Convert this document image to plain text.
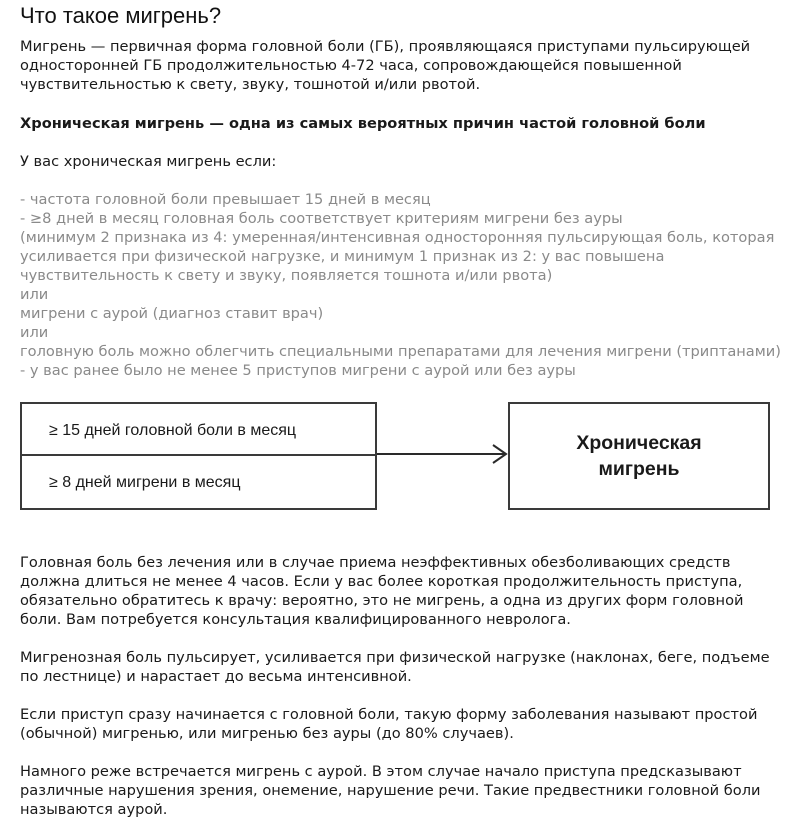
Что такое мигрень?

Мигрень — первичная форма головной боли (ГБ), проявляющаяся приступами пульсирующей
односторонней ГБ продолжительностью 4-72 часа, сопровождающейся повышенной
чувствительностью к свету, звуку, тошнотой и/или рвотой.

Хроническая мигрень — одна из самых вероятных причин частой головной боли

У вас хроническая мигрень если:

- частота головной боли превышает 15 дней в месяц
- ≥8 дней в месяц головная боль соответствует критериям мигрени без ауры
(минимум 2 признака из 4: умеренная/интенсивная односторонняя пульсирующая боль, которая
усиливается при физической нагрузке, и минимум 1 признак из 2: у вас повышена
чувствительность к свету и звуку, появляется тошнота и/или рвота)
или
мигрени с аурой (диагноз ставит врач)
или
головную боль можно облегчить специальными препаратами для лечения мигрени (триптанами)
- у вас ранее было не менее 5 приступов мигрени с аурой или без ауры

≥ 15 дней головной боли в месяц
≥ 8 дней мигрени в месяц
Хроническая
мигрень

Головная боль без лечения или в случае приема неэффективных обезболивающих средств
должна длиться не менее 4 часов. Если у вас более короткая продолжительность приступа,
обязательно обратитесь к врачу: вероятно, это не мигрень, а одна из других форм головной
боли. Вам потребуется консультация квалифицированного невролога.

Мигренозная боль пульсирует, усиливается при физической нагрузке (наклонах, беге, подъеме
по лестнице) и нарастает до весьма интенсивной.

Если приступ сразу начинается с головной боли, такую форму заболевания называют простой
(обычной) мигренью, или мигренью без ауры (до 80% случаев).

Намного реже встречается мигрень с аурой. В этом случае начало приступа предсказывают
различные нарушения зрения, онемение, нарушение речи. Такие предвестники головной боли
называются аурой.
